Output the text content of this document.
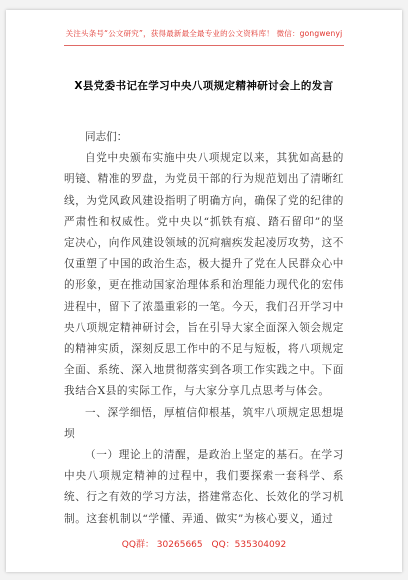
关注头条号“公文研究”，获得最新最全最专业的公文资料库！ 微信：gongwenyj
X县党委书记在学习中央八项规定精神研讨会上的发言

同志们：

自党中央颁布实施中央八项规定以来，其犹如高悬的明镜、精准的罗盘，为党员干部的行为规范划出了清晰红线，为党风政风建设指明了明确方向，确保了党的纪律的严肃性和权威性。党中央以“抓铁有痕、踏石留印”的坚定决心，向作风建设领域的沉疴痼疾发起凌厉攻势，这不仅重塑了中国的政治生态，极大提升了党在人民群众心中的形象，更在推动国家治理体系和治理能力现代化的宏伟进程中，留下了浓墨重彩的一笔。今天，我们召开学习中央八项规定精神研讨会，旨在引导大家全面深入领会规定的精神实质，深刻反思工作中的不足与短板，将八项规定全面、系统、深入地贯彻落实到各项工作实践之中。下面我结合X县的实际工作，与大家分享几点思考与体会。

一、深学细悟，厚植信仰根基，筑牢八项规定思想堤坝

（一）理论上的清醒，是政治上坚定的基石。在学习中央八项规定精神的过程中，我们要探索一套科学、系统、行之有效的学习方法，搭建常态化、长效化的学习机制。这套机制以“学懂、弄通、做实”为核心要义，通过

QQ群： 30265665 QQ：535304092
